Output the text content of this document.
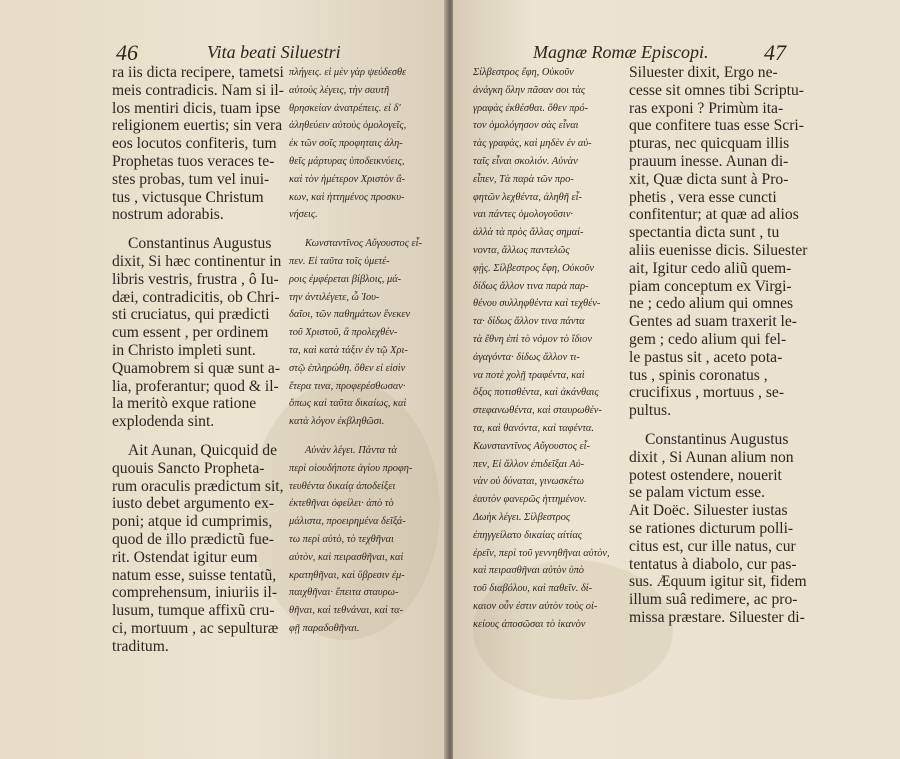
46	Vita beati Siluestri
ra iis dicta recipere, tametsi
meis contradicis. Nam si il-
los mentiri dicis, tuam ipse
religionem euertis; sin vera
eos locutos confiteris, tum
Prophetas tuos veraces te-
stes probas, tum vel inui-
tus , victusque Christum
nostrum adorabis.
Constantinus Augustus
dixit, Si hæc continentur in
libris vestris, frustra , ô Iu-
dæi, contradicitis, ob Chri-
sti cruciatus, qui prædicti
cum essent , per ordinem
in Christo impleti sunt.
Quamobrem si quæ sunt a-
lia, proferantur; quod & il-
la meritò exque ratione
explodenda sint.
Ait Aunan, Quicquid de
quouis Sancto Propheta-
rum oraculis prædictum sit,
iusto debet argumento ex-
poni; atque id cumprimis,
quod de illo prædictũ fue-
rit. Ostendat igitur eum
natum esse, suisse tentatũ,
comprehensum, iniuriis il-
lusum, tumque affixũ cru-
ci, mortuum , ac sepulturæ
traditum.
πλήγεις. εἰ μὲν γὰρ ψεύδεσθε
αὐτοὺς λέγεις, τὴν σαυτῆ
θρησκείαν ἀνατρέπεις. εἰ δ'
ἀληθεύειν αὐτοὺς ὁμολογεῖς,
ἐκ τῶν σοῖς προφηταις ἀλη-
θεῖς μάρτυρας ὑποδεικνύεις,
καὶ τὸν ἡμέτερον Χριστὸν ἄ-
κων, καὶ ἡττημένος προσκυ-
νήσεις.
Κωνσταντῖνος Αὔγουστος εἶ-
πεν. Εἰ ταῦτα τοῖς ὑμετέ-
ροις ἐμφέρεται βίβλοις, μά-
την ἀντιλέγετε, ὦ Ἰου-
δαῖοι, τῶν παθημάτων ἕνεκεν
τοῦ Χριστοῦ, ἃ προλεχθέν-
τα, καὶ κατὰ τάξιν ἐν τῷ Χρι-
στῷ ἐπληρώθη. ὅθεν εἰ εἰσὶν
ἕτερα τινα, προφερέσθωσαν·
ὅπως καὶ ταῦτα δικαίως, καὶ
κατὰ λόγον ἐκβληθῶσι.
Αὐνὰν λέγει. Πάντα τὰ
περὶ οἱουδήποτε ἁγίου προφη-
τευθέντα δικαίᾳ ἀποδείξει
ἐκτεθῆναι ὀφείλει· ἀπὸ τὸ
μάλιστα, προειρημένα δεῖξά-
τω περὶ αὐτὸ, τὸ τεχθῆναι
αὐτὸν, καὶ πειρασθῆναι, καὶ
κρατηθῆναι, καὶ ὕβρεσιν ἐμ-
παιχθῆναι· ἔπειτα σταυρω-
θῆναι, καὶ τεθνάναι, καὶ τα-
φῇ παραδοθῆναι.
Magnæ Romæ Episcopi.	47
Σίλβεστρος ἔφη, Οὐκοῦν
ἀνάγκη ὅλην πᾶσαν σοι τὰς
γραφὰς ἐκθέσθαι. ὅθεν πρό-
τον ὁμολόγησον σὰς εἶναι
τὰς γραφὰς, καὶ μηδὲν ἐν αὐ-
ταῖς εἶναι σκολιόν. Αὐνὰν
εἶπεν, Τὰ παρὰ τῶν προ-
φητῶν λεχθέντα, ἀληθῆ εἶ-
ναι πάντες ὁμολογοῦσιν·
ἀλλὰ τὰ πρὸς ἄλλας σημαί-
νοντα, ἄλλως παντελῶς
φῂς. Σίλβεστρος ἔφη, Οὐκοῦν
δίδως ἄλλον τινα παρὰ παρ-
θένου συλληφθέντα καὶ τεχθέν-
τα· δίδως ἄλλον τινα πάντα
τὰ ἔθνη ἐπὶ τὸ νόμον τὸ ἴδιον
ἀγαγόντα· δίδως ἄλλον τι-
να ποτὲ χολῇ τραφέντα, καὶ
ὄξος ποτισθέντα, καὶ ἀκάνθαις
στεφανωθέντα, καὶ σταυρωθέν-
τα, καὶ θανόντα, καὶ ταφέντα.
Κωνσταντῖνος Αὔγουστος εἶ-
πεν, Εἰ ἄλλον ἐπιδεῖξαι Αὐ-
νὰν οὐ δύναται, γινωσκέτω
ἑαυτὸν φανερῶς ἡττημένον.
Δωὴκ λέγει. Σίλβεστρος
ἐπηγγείλατο δικαίας αἰτίας
ἐρεῖν, περὶ τοῦ γεννηθῆναι αὐτὸν,
καὶ πειρασθῆναι αὐτὸν ὑπὸ
τοῦ διαβόλου, καὶ παθεῖν. δί-
καιον οὖν ἐστιν αὐτὸν τοὺς οἰ-
κείους ἀποσῶσαι τὸ ἰκανὸν
Siluester dixit, Ergo ne-
cesse sit omnes tibi Scriptu-
ras exponi ? Primùm ita-
que confitere tuas esse Scri-
pturas, nec quicquam illis
prauum inesse. Aunan di-
xit, Quæ dicta sunt à Pro-
phetis , vera esse cuncti
confitentur; at quæ ad alios
spectantia dicta sunt , tu
aliis euenisse dicis. Siluester
ait, Igitur cedo aliũ quem-
piam conceptum ex Virgi-
ne ; cedo alium qui omnes
Gentes ad suam traxerit le-
gem ; cedo alium qui fel-
le pastus sit , aceto pota-
tus , spinis coronatus ,
crucifixus , mortuus , se-
pultus.
Constantinus Augustus
dixit , Si Aunan alium non
potest ostendere, nouerit
se palam victum esse.
Ait Doëc. Siluester iustas
se rationes dicturum polli-
citus est, cur ille natus, cur
tentatus à diabolo, cur pas-
sus. Æquum igitur sit, fidem
illum suâ redimere, ac pro-
missa præstare. Siluester di-
